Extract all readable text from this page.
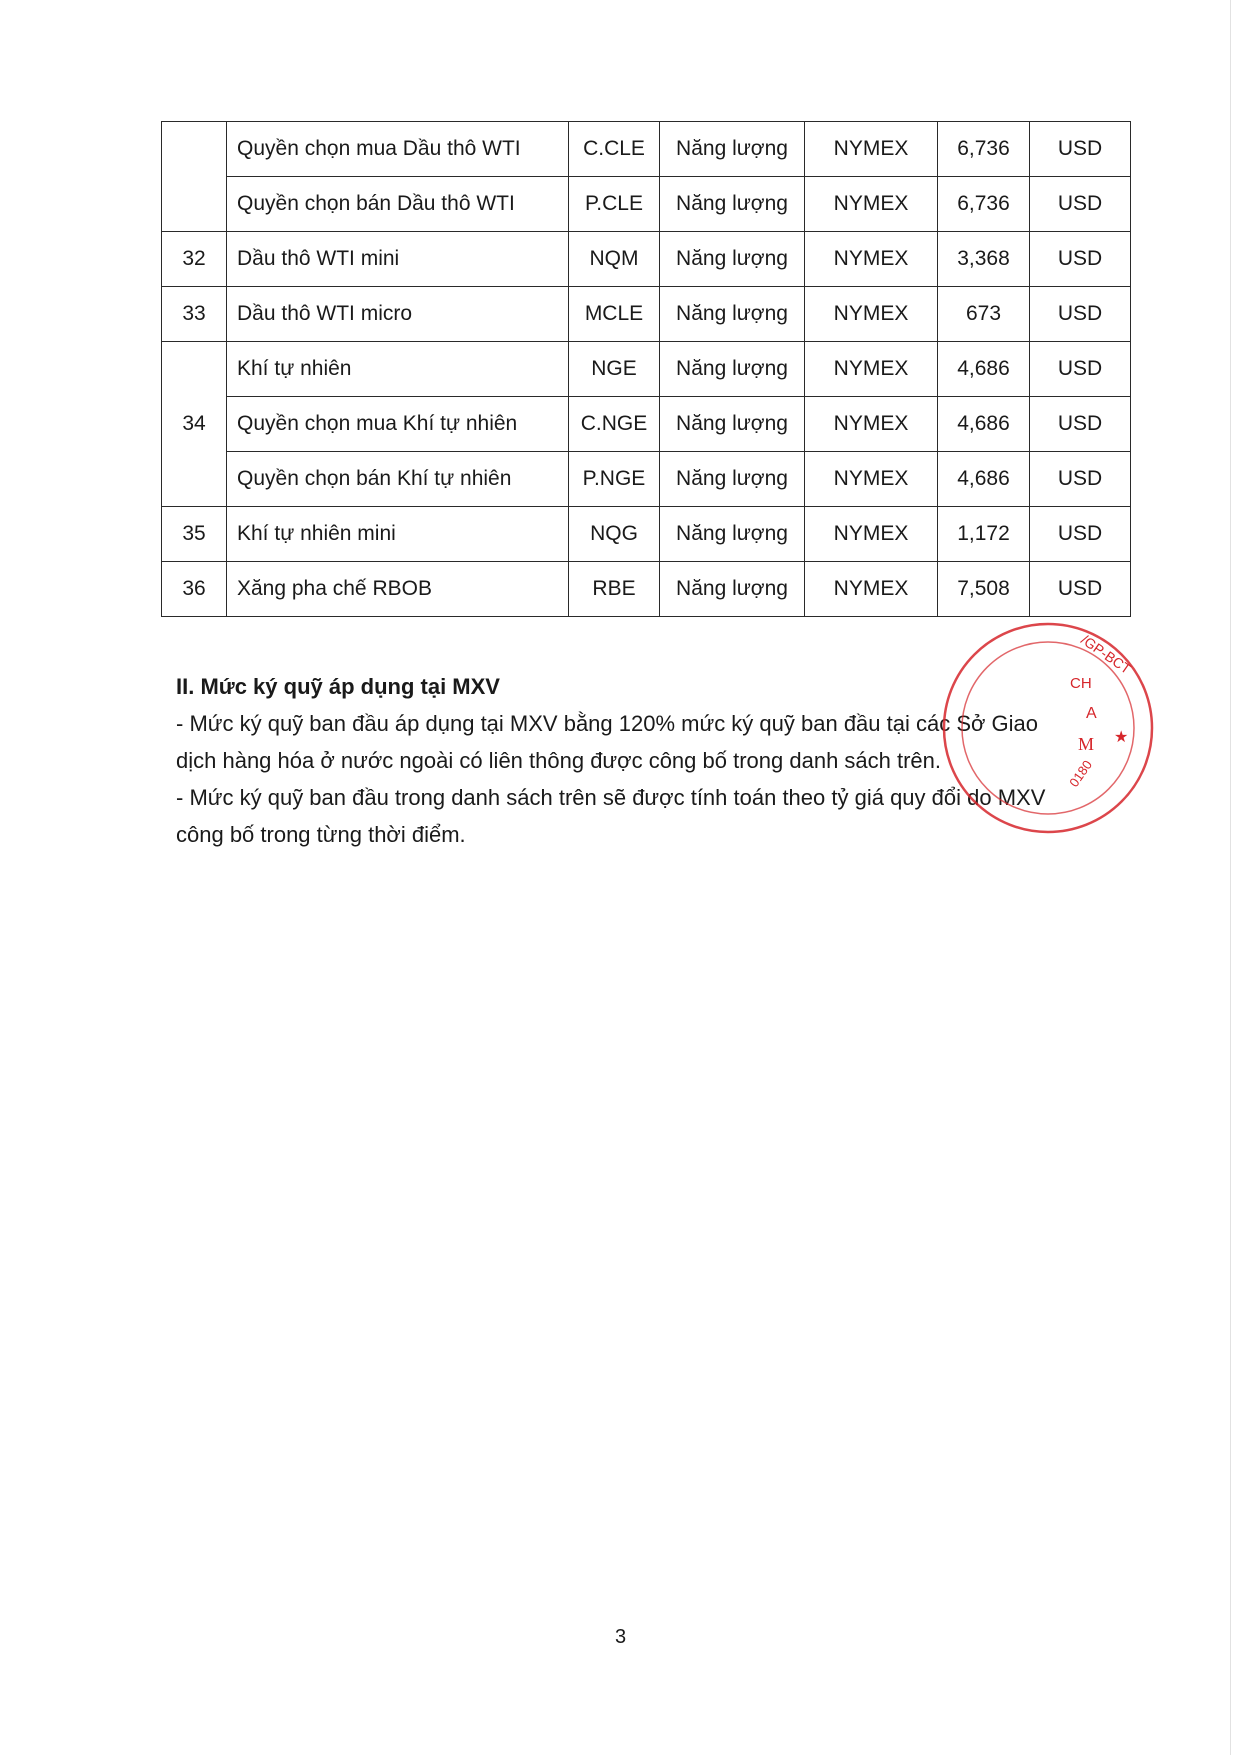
	Quyền chọn mua Dầu thô WTI	C.CLE	Năng lượng	NYMEX	6,736	USD
	Quyền chọn bán Dầu thô WTI	P.CLE	Năng lượng	NYMEX	6,736	USD
32	Dầu thô WTI mini	NQM	Năng lượng	NYMEX	3,368	USD
33	Dầu thô WTI micro	MCLE	Năng lượng	NYMEX	673	USD
34	Khí tự nhiên	NGE	Năng lượng	NYMEX	4,686	USD
	Quyền chọn mua Khí tự nhiên	C.NGE	Năng lượng	NYMEX	4,686	USD
	Quyền chọn bán Khí tự nhiên	P.NGE	Năng lượng	NYMEX	4,686	USD
35	Khí tự nhiên mini	NQG	Năng lượng	NYMEX	1,172	USD
36	Xăng pha chế RBOB	RBE	Năng lượng	NYMEX	7,508	USD
II. Mức ký quỹ áp dụng tại MXV

- Mức ký quỹ ban đầu áp dụng tại MXV bằng 120% mức ký quỹ ban đầu tại các Sở Giao

dịch hàng hóa ở nước ngoài có liên thông được công bố trong danh sách trên.

- Mức ký quỹ ban đầu trong danh sách trên sẽ được tính toán theo tỷ giá quy đổi do MXV

công bố trong từng thời điểm.

/GP-BCT
CH
A
M ★
0180
3
